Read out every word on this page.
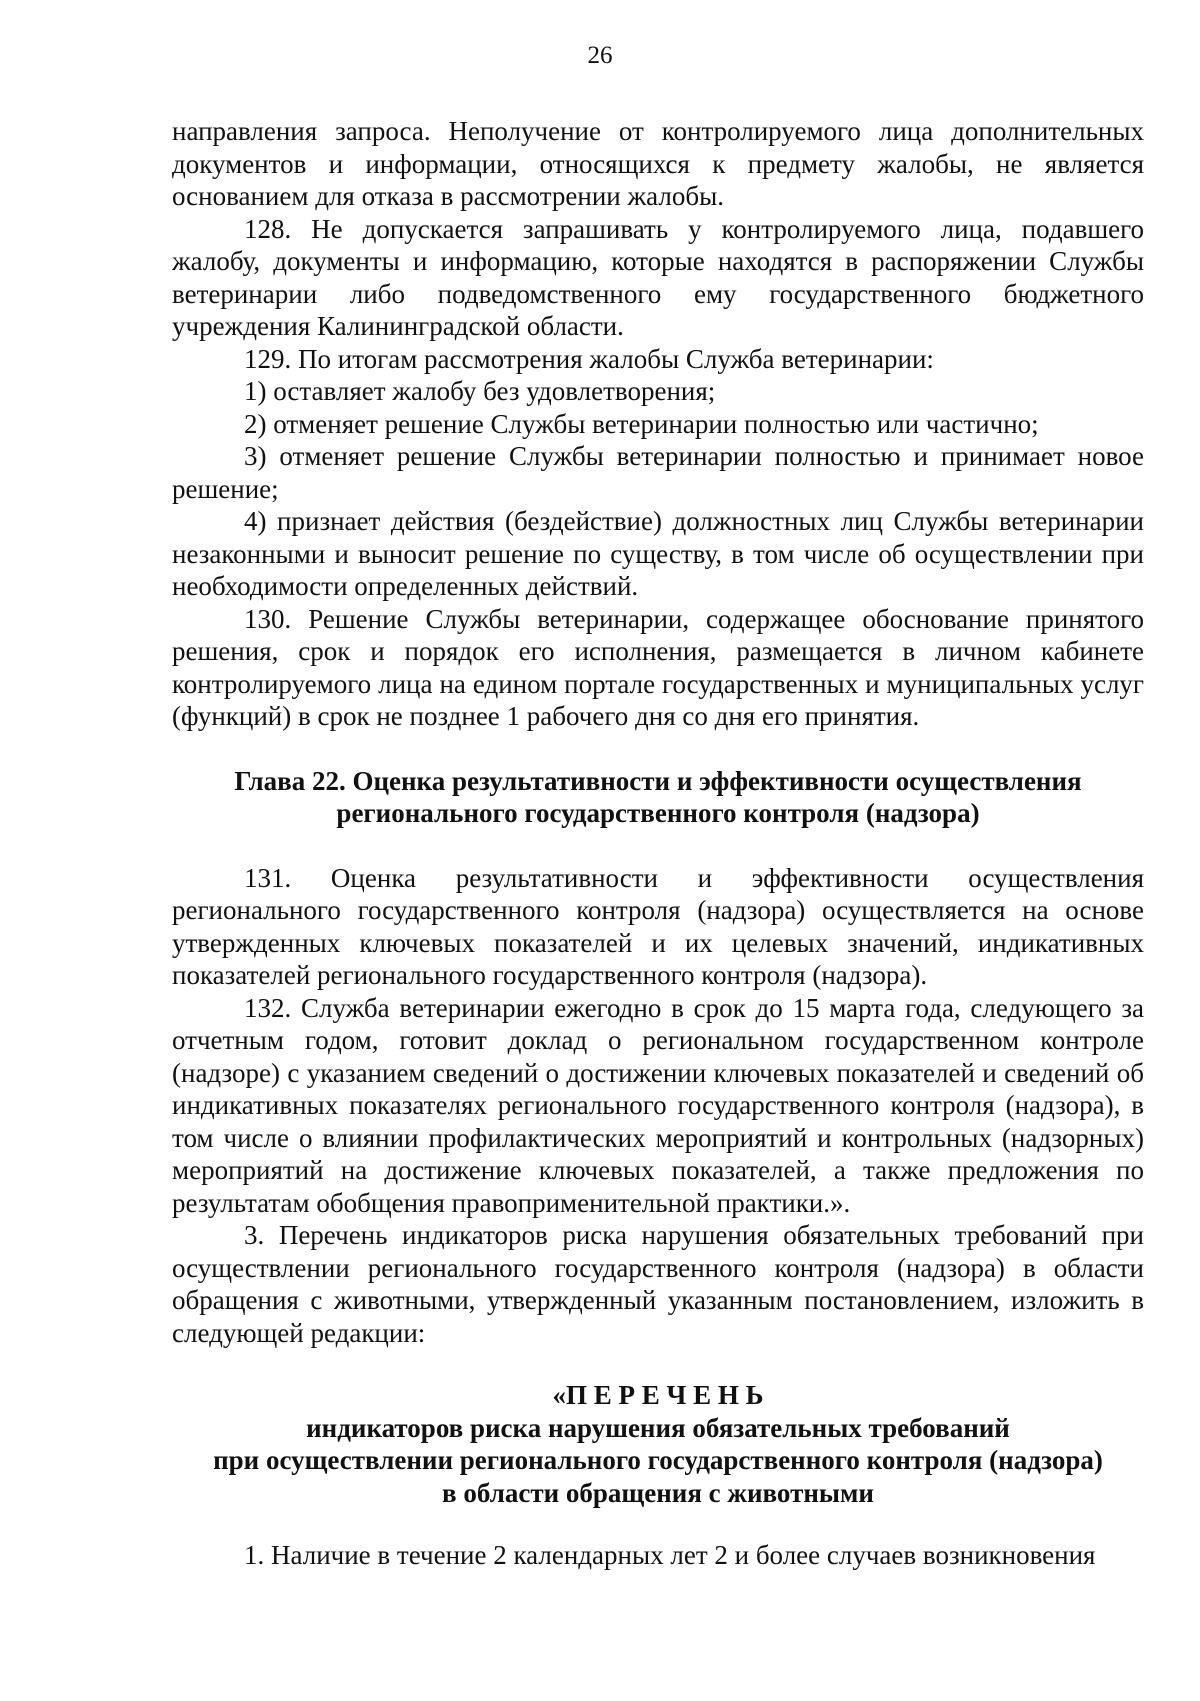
26

направления запроса. Неполучение от контролируемого лица дополнительных документов и информации, относящихся к предмету жалобы, не является основанием для отказа в рассмотрении жалобы.

128. Не допускается запрашивать у контролируемого лица, подавшего жалобу, документы и информацию, которые находятся в распоряжении Службы ветеринарии либо подведомственного ему государственного бюджетного учреждения Калининградской области.

129. По итогам рассмотрения жалобы Служба ветеринарии:

1) оставляет жалобу без удовлетворения;

2) отменяет решение Службы ветеринарии полностью или частично;

3) отменяет решение Службы ветеринарии полностью и принимает новое решение;

4) признает действия (бездействие) должностных лиц Службы ветеринарии незаконными и выносит решение по существу, в том числе об осуществлении при необходимости определенных действий.

130. Решение Службы ветеринарии, содержащее обоснование принятого решения, срок и порядок его исполнения, размещается в личном кабинете контролируемого лица на едином портале государственных и муниципальных услуг (функций) в срок не позднее 1 рабочего дня со дня его принятия.

Глава 22. Оценка результативности и эффективности осуществления

регионального государственного контроля (надзора)

131. Оценка результативности и эффективности осуществления регионального государственного контроля (надзора) осуществляется на основе утвержденных ключевых показателей и их целевых значений, индикативных показателей регионального государственного контроля (надзора).

132. Служба ветеринарии ежегодно в срок до 15 марта года, следующего за отчетным годом, готовит доклад о региональном государственном контроле (надзоре) с указанием сведений о достижении ключевых показателей и сведений об индикативных показателях регионального государственного контроля (надзора), в том числе о влиянии профилактических мероприятий и контрольных (надзорных) мероприятий на достижение ключевых показателей, а также предложения по результатам обобщения правоприменительной практики.».

3. Перечень индикаторов риска нарушения обязательных требований при осуществлении регионального государственного контроля (надзора) в области обращения с животными, утвержденный указанным постановлением, изложить в следующей редакции:

«П Е Р Е Ч Е Н Ь

индикаторов риска нарушения обязательных требований

при осуществлении регионального государственного контроля (надзора)

в области обращения с животными

1. Наличие в течение 2 календарных лет 2 и более случаев возникновения
